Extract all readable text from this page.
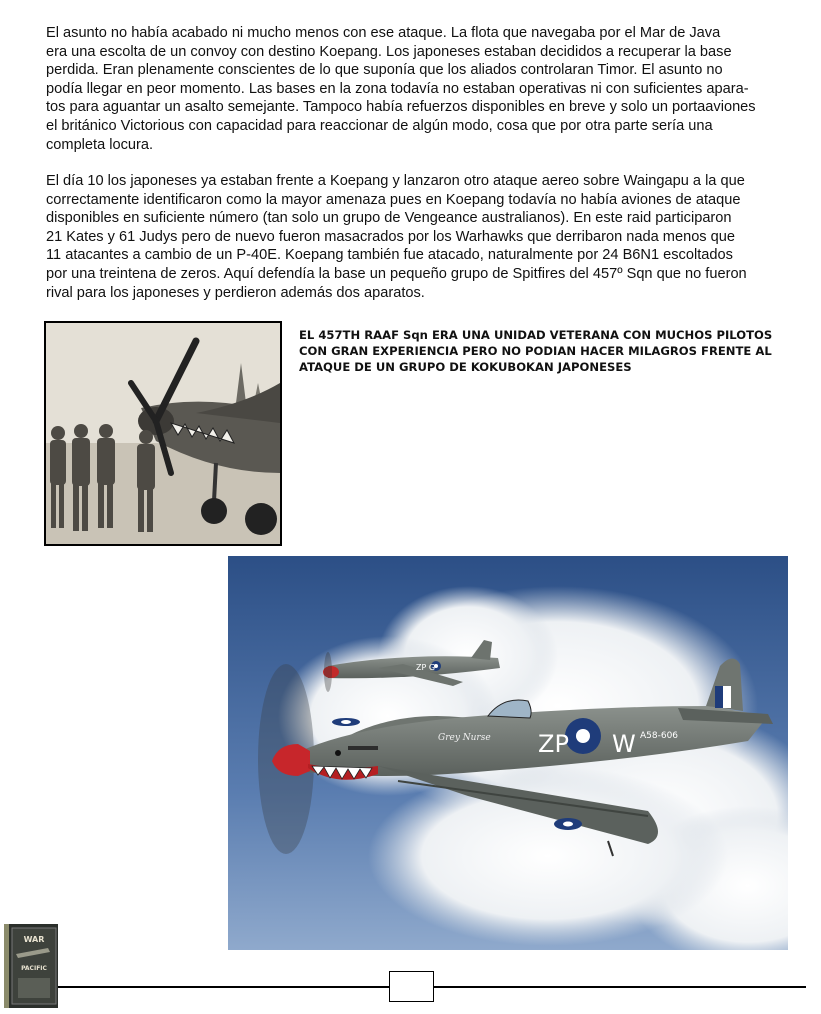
El asunto no había acabado ni mucho menos con ese ataque. La flota que navegaba por el Mar de Java
era una escolta de un convoy con destino Koepang. Los japoneses estaban decididos a recuperar la base
perdida. Eran plenamente conscientes de lo que suponía que los aliados controlaran Timor. El asunto no
podía llegar en peor momento. Las bases en la zona todavía no estaban operativas ni con suficientes apara-
tos para aguantar un asalto semejante. Tampoco había refuerzos disponibles en breve y solo un portaaviones
el británico Victorious con capacidad para reaccionar de algún modo, cosa que por otra parte sería una
completa locura.

El día 10 los japoneses ya estaban frente a Koepang y lanzaron otro ataque aereo sobre Waingapu a la que
correctamente identificaron como la mayor amenaza pues en Koepang todavía no había aviones de ataque
disponibles en suficiente número (tan solo un grupo de Vengeance australianos). En este raid participaron
21 Kates y 61 Judys pero de nuevo fueron masacrados por los Warhawks que derribaron nada menos que
11 atacantes a cambio de un P-40E. Koepang también fue atacado, naturalmente por 24 B6N1 escoltados
por una treintena de zeros. Aquí defendía la base un pequeño grupo de Spitfires del 457º Sqn que no fueron
rival para los japoneses y perdieron además dos aparatos.

EL 457TH RAAF Sqn ERA UNA UNIDAD VETERANA CON MUCHOS PILOTOS
CON GRAN EXPERIENCIA PERO NO PODIAN HACER MILAGROS FRENTE AL
ATAQUE DE UN GRUPO DE KOKUBOKAN JAPONESES

ZP G
ZP W A58-606
Grey Nurse
WAR
PACIFIC
